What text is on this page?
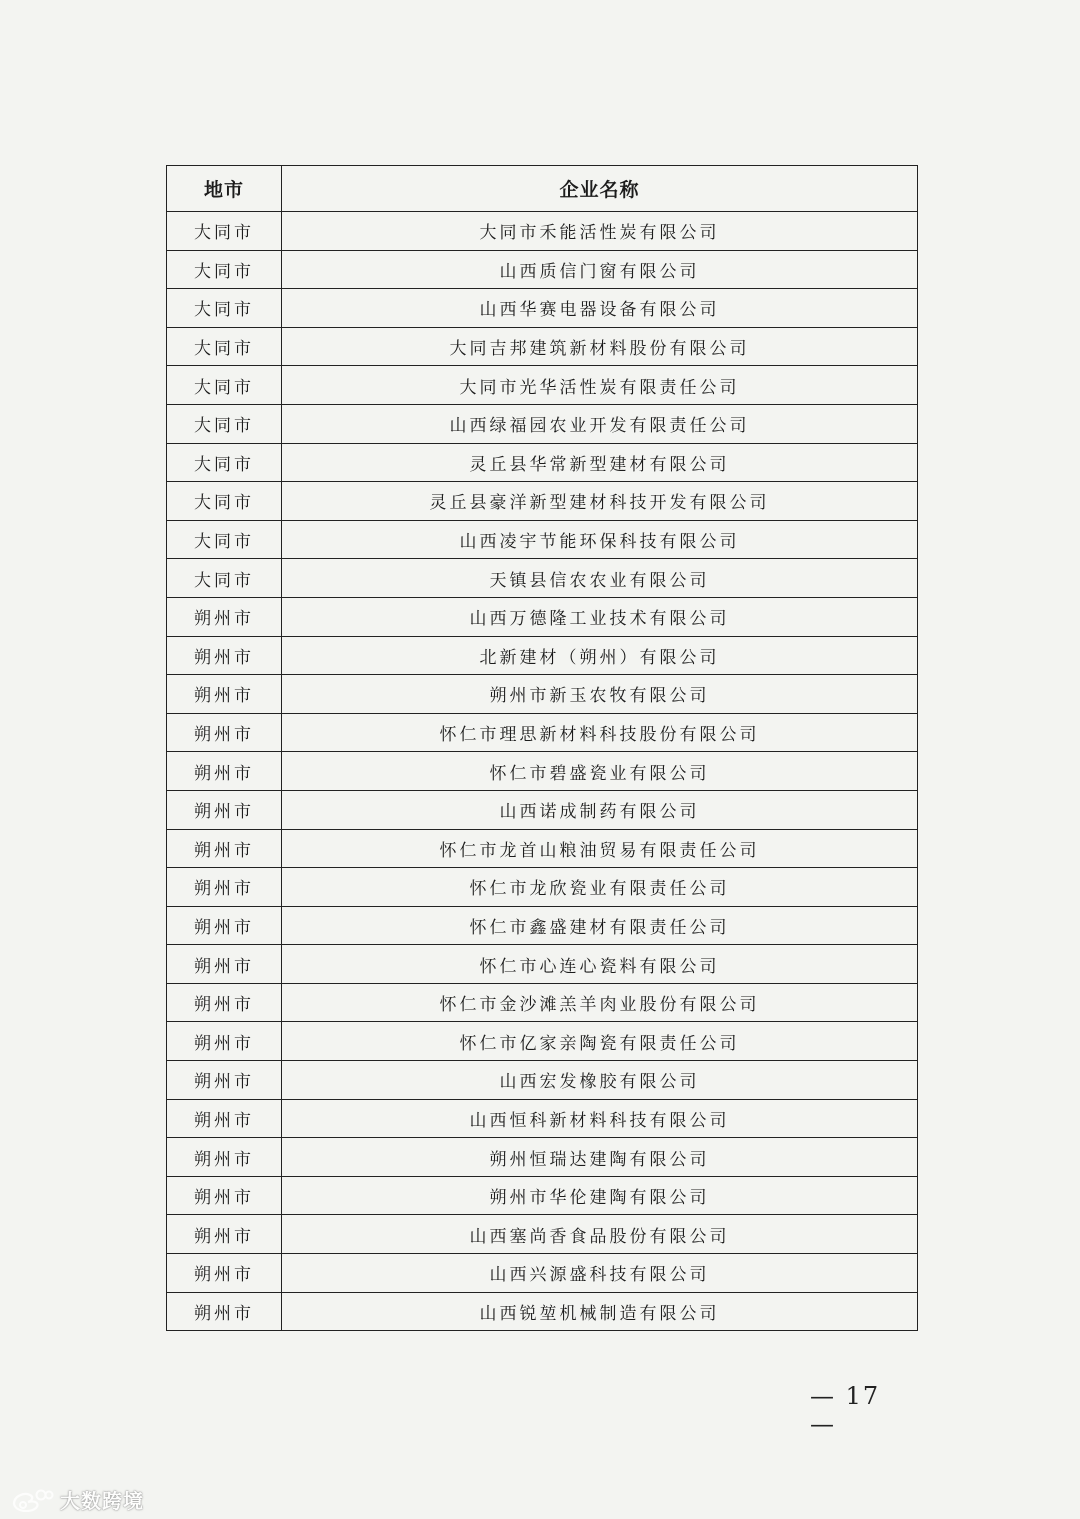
地市	企业名称
大同市	大同市禾能活性炭有限公司
大同市	山西质信门窗有限公司
大同市	山西华赛电器设备有限公司
大同市	大同吉邦建筑新材料股份有限公司
大同市	大同市光华活性炭有限责任公司
大同市	山西绿福园农业开发有限责任公司
大同市	灵丘县华常新型建材有限公司
大同市	灵丘县豪洋新型建材科技开发有限公司
大同市	山西凌宇节能环保科技有限公司
大同市	天镇县信农农业有限公司
朔州市	山西万德隆工业技术有限公司
朔州市	北新建材（朔州）有限公司
朔州市	朔州市新玉农牧有限公司
朔州市	怀仁市理思新材料科技股份有限公司
朔州市	怀仁市碧盛瓷业有限公司
朔州市	山西诺成制药有限公司
朔州市	怀仁市龙首山粮油贸易有限责任公司
朔州市	怀仁市龙欣瓷业有限责任公司
朔州市	怀仁市鑫盛建材有限责任公司
朔州市	怀仁市心连心瓷料有限公司
朔州市	怀仁市金沙滩羔羊肉业股份有限公司
朔州市	怀仁市亿家亲陶瓷有限责任公司
朔州市	山西宏发橡胶有限公司
朔州市	山西恒科新材料科技有限公司
朔州市	朔州恒瑞达建陶有限公司
朔州市	朔州市华伦建陶有限公司
朔州市	山西塞尚香食品股份有限公司
朔州市	山西兴源盛科技有限公司
朔州市	山西锐堃机械制造有限公司
— 17 —
大数跨境
